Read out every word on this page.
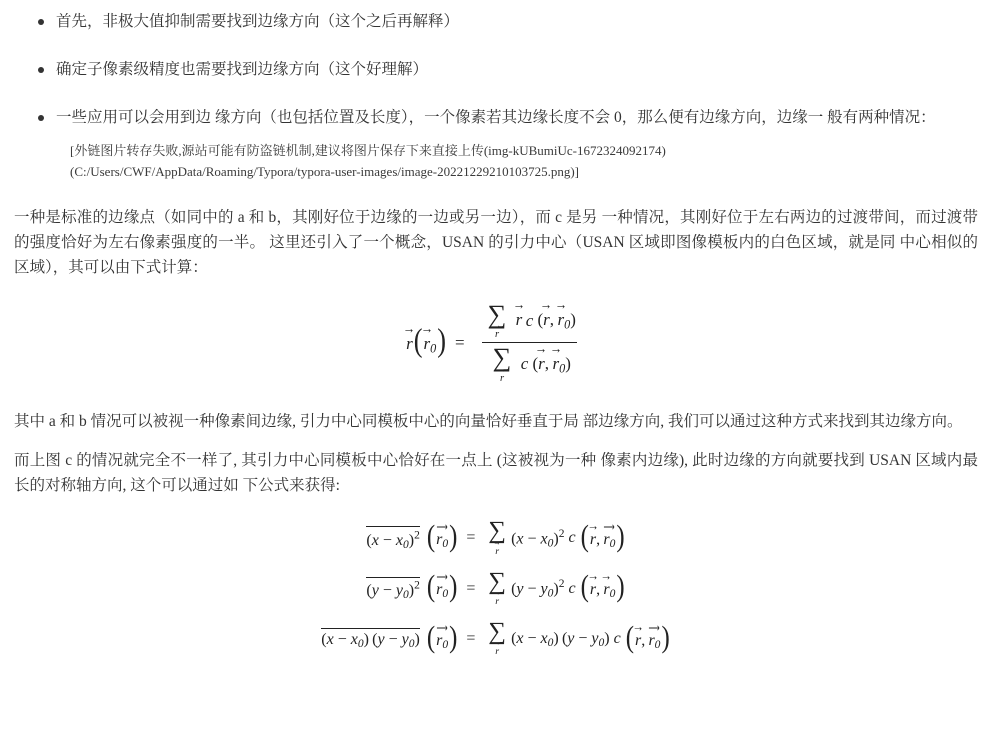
首先，非极大值抑制需要找到边缘方向（这个之后再解释）
确定子像素级精度也需要找到边缘方向（这个好理解）
一些应用可以会用到边 缘方向（也包括位置及长度），一个像素若其边缘长度不会 0，那么便有边缘方向，边缘一 般有两种情况：
[外链图片转存失败,源站可能有防盗链机制,建议将图片保存下来直接上传(img-kUBumiUc-1672324092174)
(C:/Users/CWF/AppData/Roaming/Typora/typora-user-images/image-20221229210103725.png)]

一种是标准的边缘点（如同中的 a 和 b，其刚好位于边缘的一边或另一边），而 c 是另 一种情况，其刚好位于左右两边的过渡带间，而过渡带的强度恰好为左右像素强度的一半。 这里还引入了一个概念，USAN 的引力中心（USAN 区域即图像模板内的白色区域，就是同 中心相似的区域），其可以由下式计算：

$r \to(r \to_0)$ = ∑
r →
r → c (r →, $r \to_0$)
∑
r →
c (r →, $r \to_0$)

其中 a 和 b 情况可以被视一种像素间边缘, 引力中心同模板中心的向量恰好垂直于局 部边缘方向, 我们可以通过这种方式来找到其边缘方向。

而上图 c 的情况就完全不一样了, 其引力中心同模板中心恰好在一点上 (这被视为一种 像素内边缘), 此时边缘的方向就要找到 USAN 区域内最长的对称轴方向, 这个可以通过如 下公式来获得:

$(x - x_0)^2$ ($r_0$ ⟶) = ∑
r →
$(x - x_0)^2$ c (r →, $r_0$ ⟶)
$(y - y_0)^2$ ($r_0$ ⟶) = ∑
r →
$(y - y_0)^2$ c (r →, $r \to_0$)
$(x - x_0)$ $(y - y_0)$ ($r_0$ ⟶) = ∑
r →
$(x - x_0)$ $(y - y_0)$ c (r →, $r_0$ ⟶)
